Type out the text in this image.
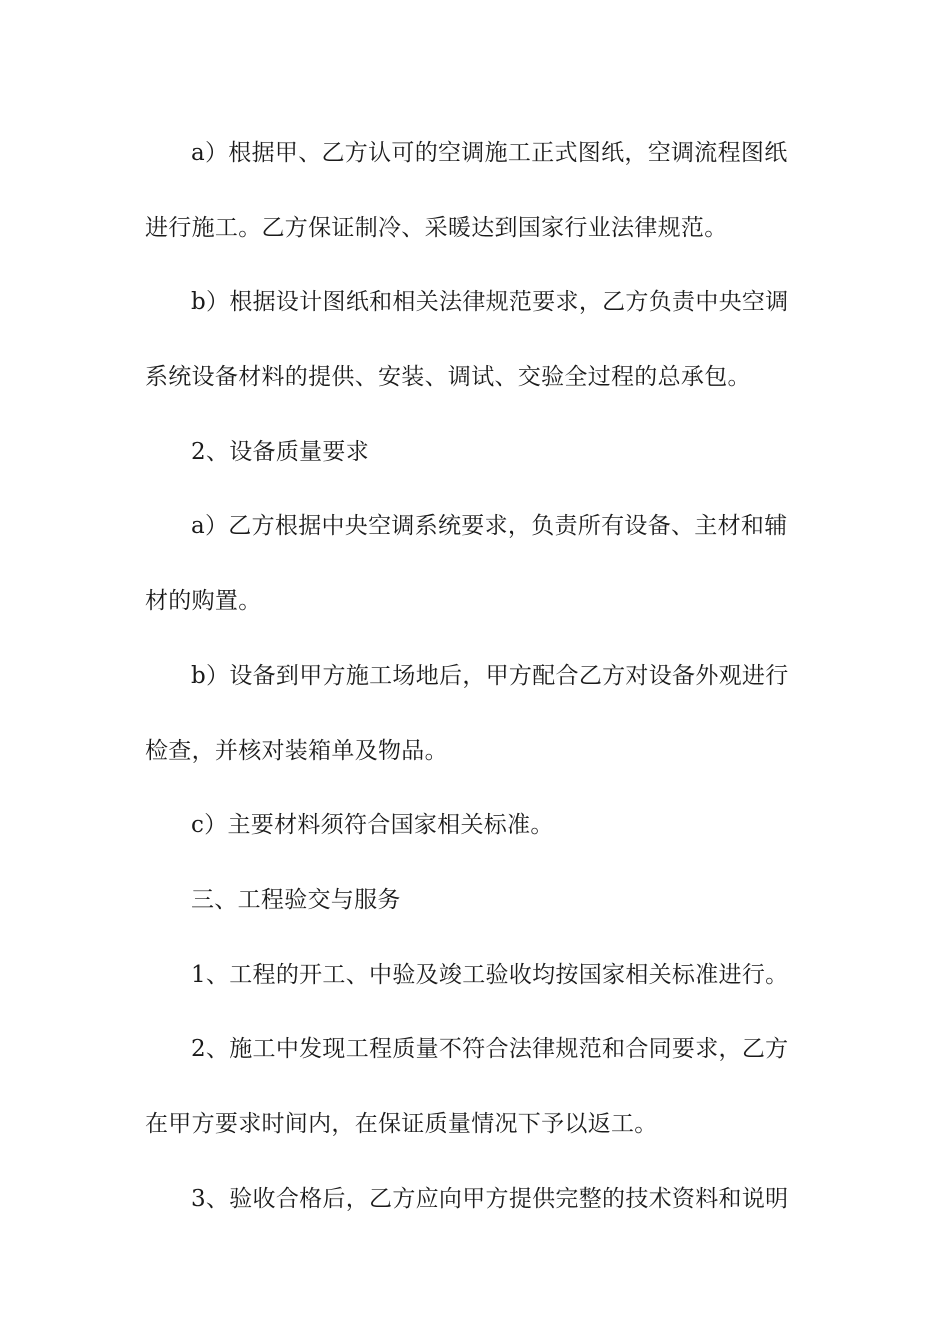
a）根据甲、乙方认可的空调施工正式图纸，空调流程图纸
进行施工。乙方保证制冷、采暖达到国家行业法律规范。
b）根据设计图纸和相关法律规范要求，乙方负责中央空调
系统设备材料的提供、安装、调试、交验全过程的总承包。
2、设备质量要求
a）乙方根据中央空调系统要求，负责所有设备、主材和辅
材的购置。
b）设备到甲方施工场地后，甲方配合乙方对设备外观进行
检查，并核对装箱单及物品。
c）主要材料须符合国家相关标准。
三、工程验交与服务
1、工程的开工、中验及竣工验收均按国家相关标准进行。
2、施工中发现工程质量不符合法律规范和合同要求，乙方
在甲方要求时间内，在保证质量情况下予以返工。
3、验收合格后，乙方应向甲方提供完整的技术资料和说明
